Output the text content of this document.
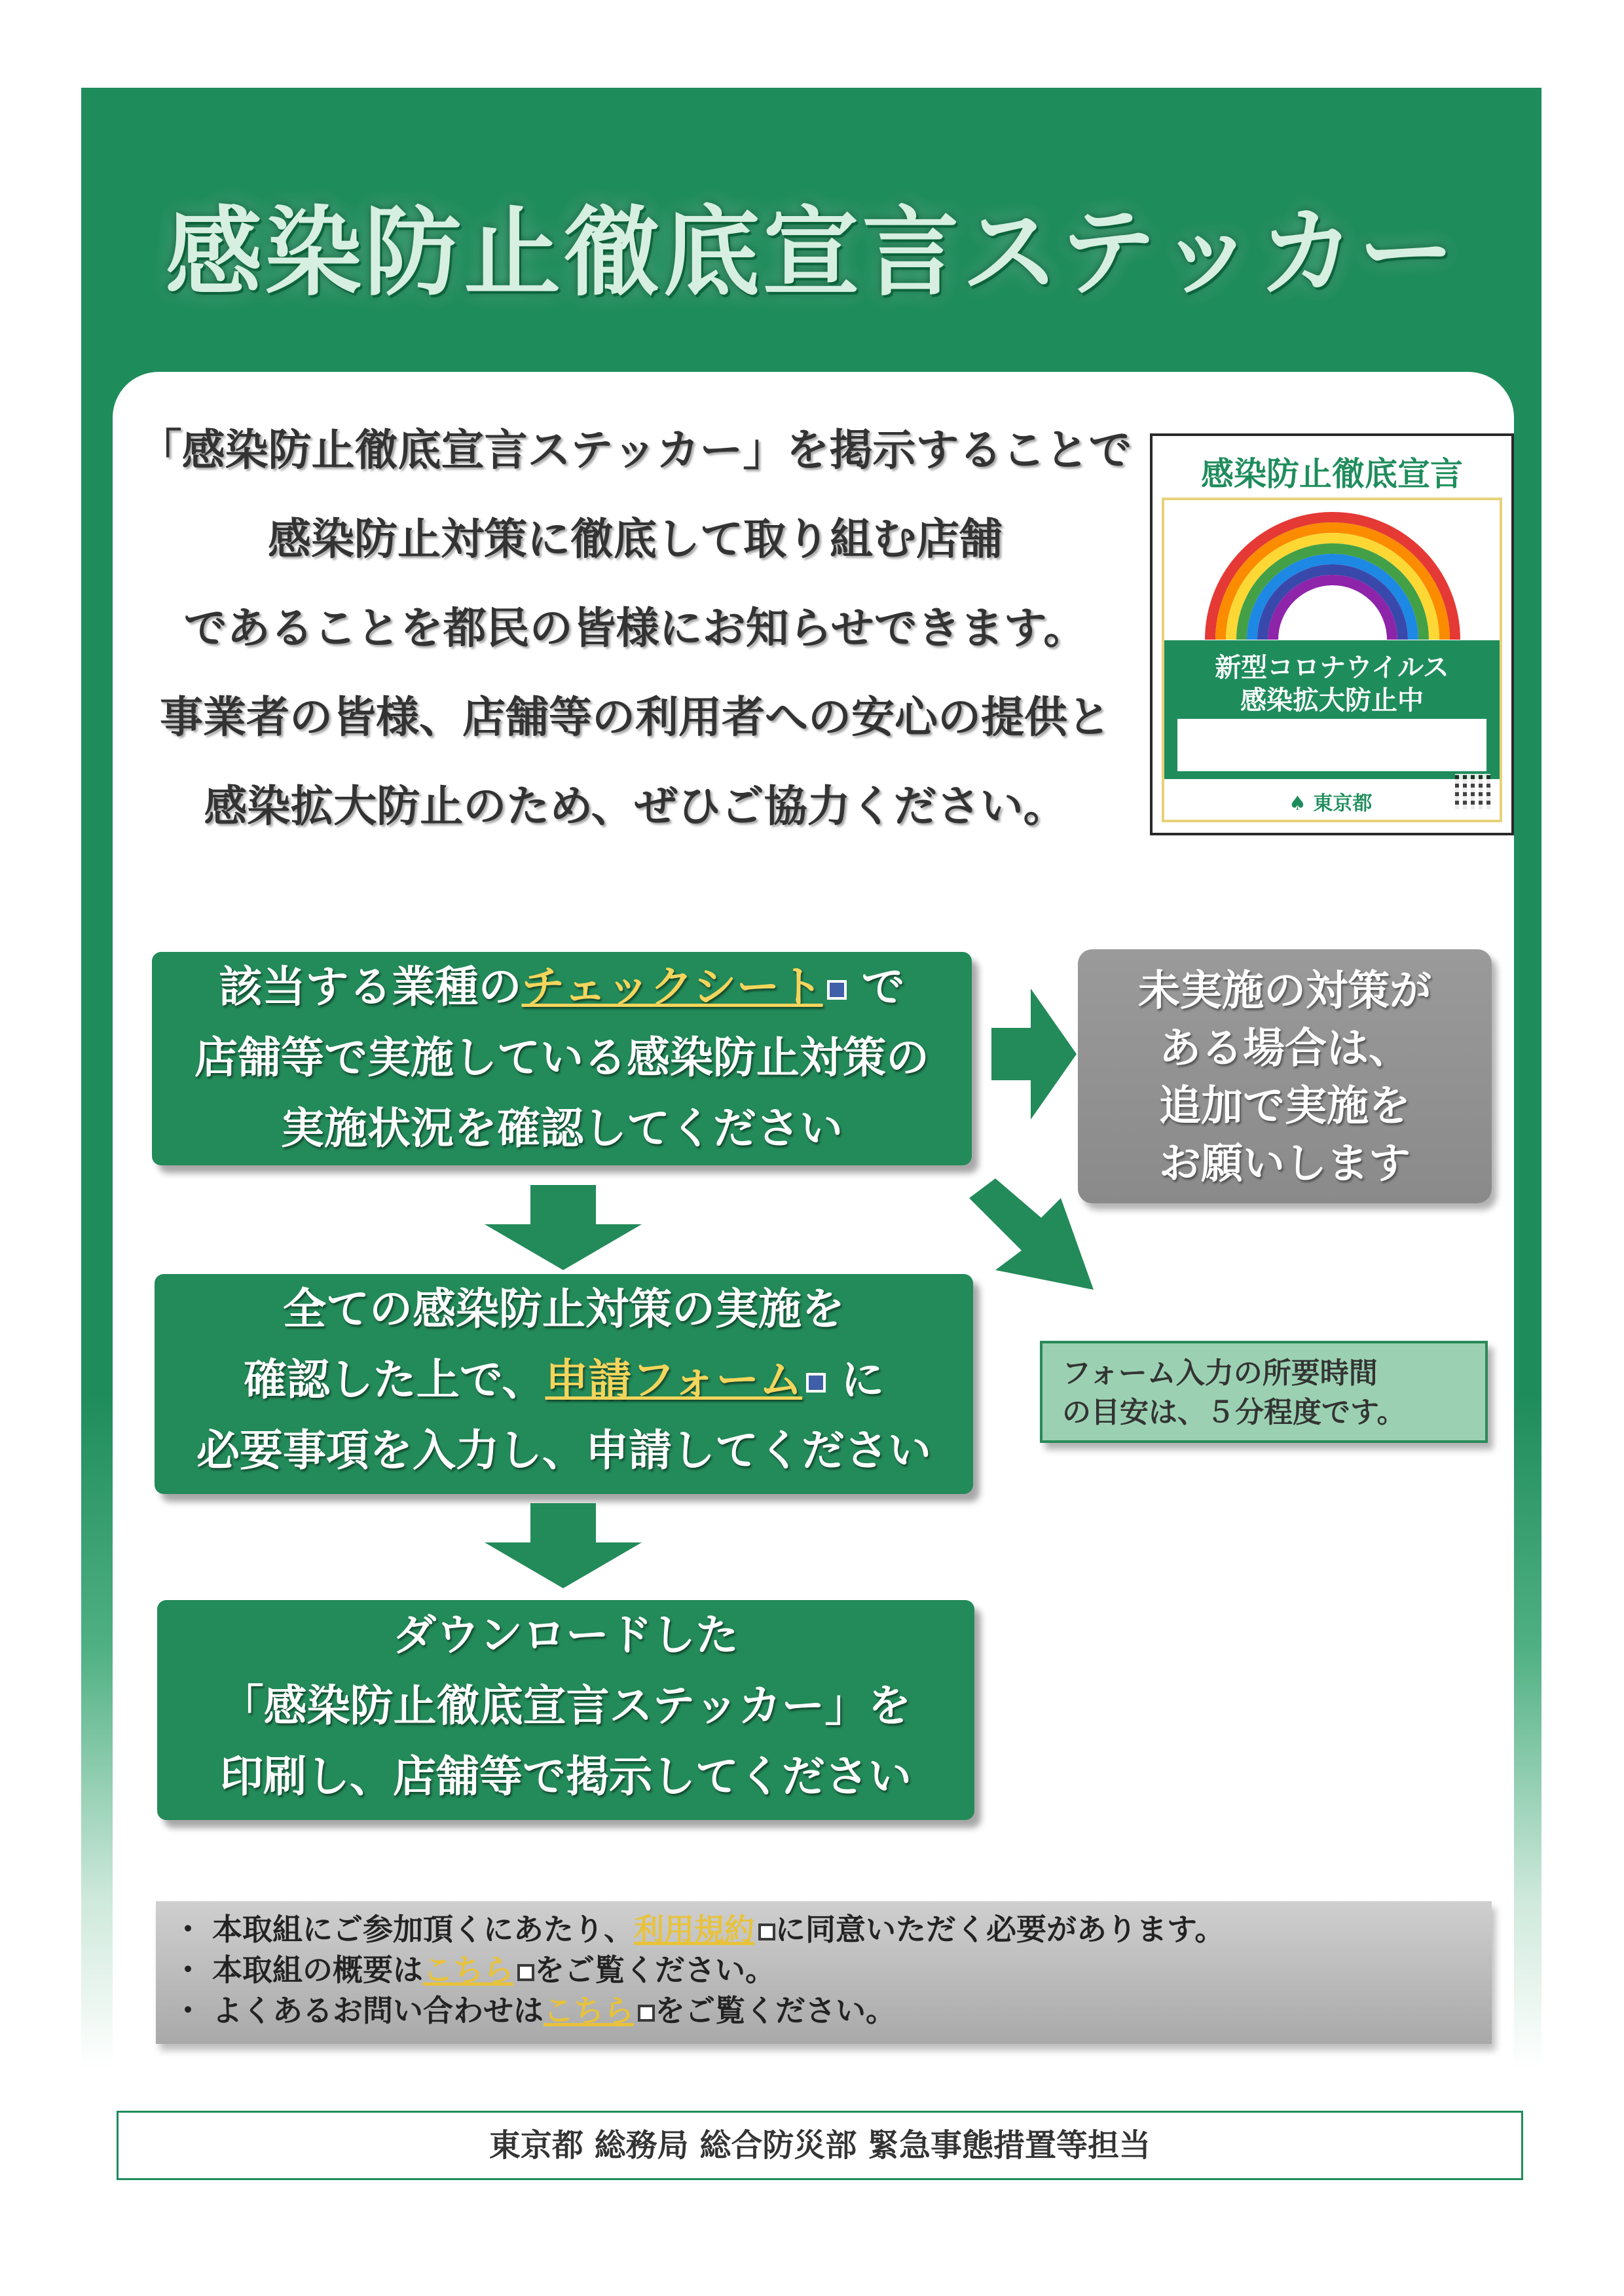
感染防止徹底宣言ステッカー
「感染防止徹底宣言ステッカー」を掲示することで
感染防止対策に徹底して取り組む店舗
であることを都民の皆様にお知らせできます。
事業者の皆様、店舗等の利用者への安心の提供と
感染拡大防止のため、ぜひご協力ください。
感染防止徹底宣言
新型コロナウイルス
感染拡大防止中
♠ 東京都
該当する業種のチェックシート で
店舗等で実施している感染防止対策の
実施状況を確認してください
全ての感染防止対策の実施を
確認した上で、申請フォーム に
必要事項を入力し、申請してください
ダウンロードした
「感染防止徹底宣言ステッカー」を
印刷し、店舗等で掲示してください
未実施の対策が
ある場合は、
追加で実施を
お願いします
フォーム入力の所要時間
の目安は、５分程度です。
・ 本取組にご参加頂くにあたり、利用規約 に同意いただく必要があります。
・ 本取組の概要はこちら をご覧ください。
・ よくあるお問い合わせはこちら をご覧ください。
東京都 総務局 総合防災部 緊急事態措置等担当
